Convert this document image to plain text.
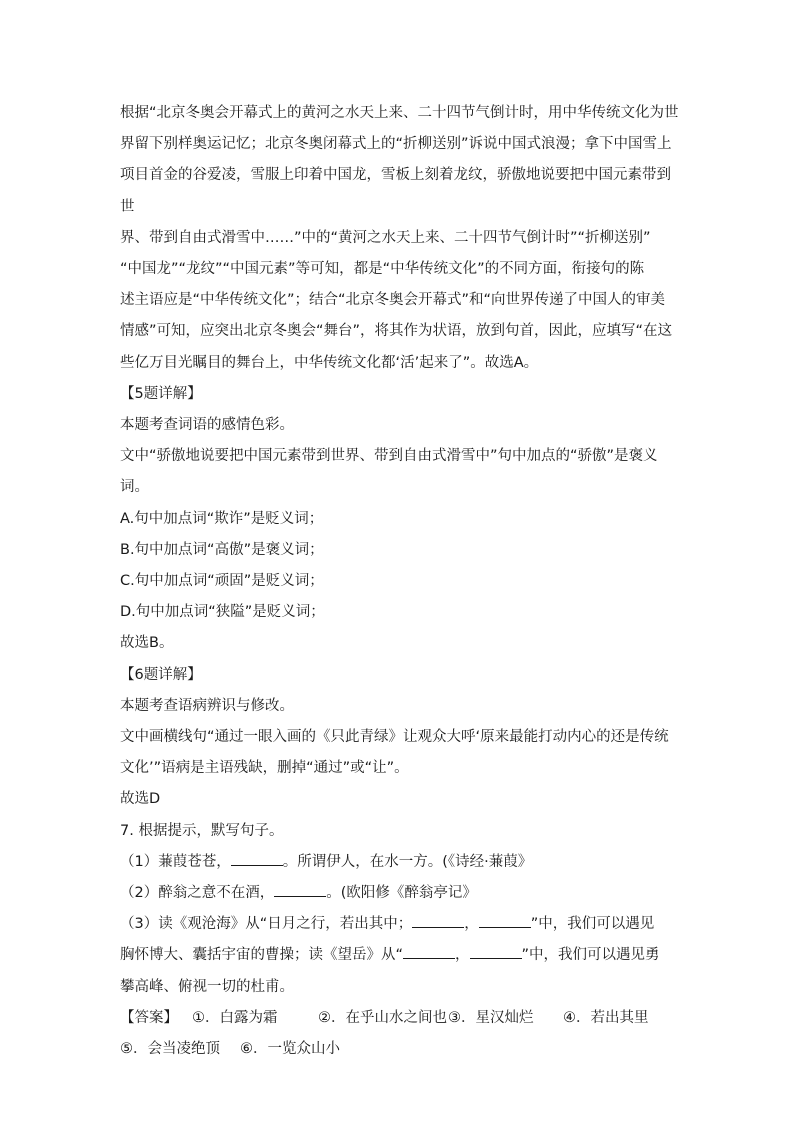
根据“北京冬奥会开幕式上的黄河之水天上来、二十四节气倒计时，用中华传统文化为世

界留下别样奥运记忆；北京冬奥闭幕式上的“折柳送别”诉说中国式浪漫；拿下中国雪上

项目首金的谷爱凌，雪服上印着中国龙，雪板上刻着龙纹，骄傲地说要把中国元素带到世

界、带到自由式滑雪中……”中的“黄河之水天上来、二十四节气倒计时”“折柳送别”

“中国龙”“龙纹”“中国元素”等可知，都是“中华传统文化”的不同方面，衔接句的陈

述主语应是“中华传统文化”；结合“北京冬奥会开幕式”和“向世界传递了中国人的审美

情感”可知，应突出北京冬奥会“舞台”，将其作为状语，放到句首，因此，应填写“在这

些亿万目光瞩目的舞台上，中华传统文化都‘活’起来了”。故选A。

【5题详解】

本题考查词语的感情色彩。

文中“骄傲地说要把中国元素带到世界、带到自由式滑雪中”句中加点的“骄傲”是褒义

词。

A.句中加点词“欺诈”是贬义词；

B.句中加点词“高傲”是褒义词；

C.句中加点词“顽固”是贬义词；

D.句中加点词“狭隘”是贬义词；

故选B。

【6题详解】

本题考查语病辨识与修改。

文中画横线句“通过一眼入画的《只此青绿》让观众大呼‘原来最能打动内心的还是传统

文化’”语病是主语残缺，删掉“通过”或“让”。

故选D

7. 根据提示，默写句子。

（1）蒹葭苍苍，	。所谓伊人，在水一方。(《诗经·蒹葭》

（2）醉翁之意不在酒，	。(欧阳修《醉翁亭记》

（3）读《观沧海》从“日月之行，若出其中；	，	”中，我们可以遇见

胸怀博大、囊括宇宙的曹操；读《望岳》从“	，	”中，我们可以遇见勇

攀高峰、俯视一切的杜甫。

【答案】 ①．白露为霜	②．在乎山水之间也 ③．星汉灿烂	④．若出其里
⑤．会当凌绝顶	⑥．一览众山小
